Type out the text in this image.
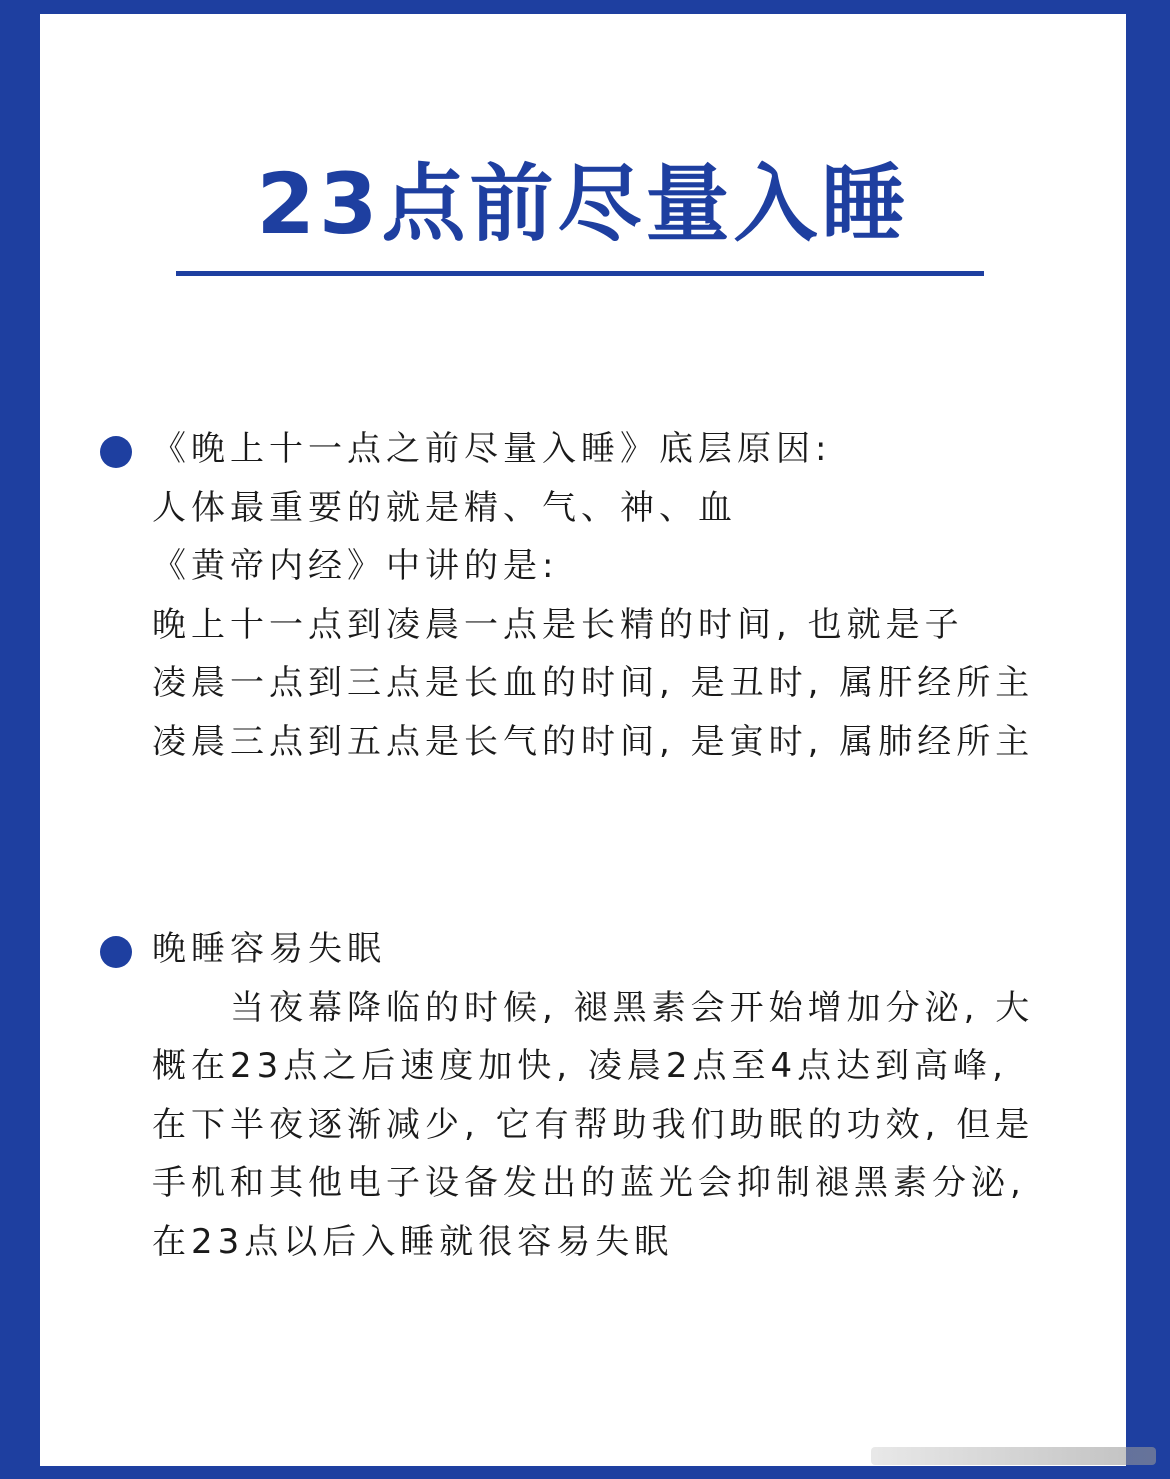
23点前尽量入睡
《晚上十一点之前尽量入睡》底层原因:
人体最重要的就是精、气、神、血
《黄帝内经》中讲的是:
晚上十一点到凌晨一点是长精的时间, 也就是子
凌晨一点到三点是长血的时间, 是丑时, 属肝经所主
凌晨三点到五点是长气的时间, 是寅时, 属肺经所主
晚睡容易失眠
当夜幕降临的时候, 褪黑素会开始增加分泌, 大
概在23点之后速度加快, 凌晨2点至4点达到高峰,
在下半夜逐渐减少, 它有帮助我们助眠的功效, 但是
手机和其他电子设备发出的蓝光会抑制褪黑素分泌,
在23点以后入睡就很容易失眠
